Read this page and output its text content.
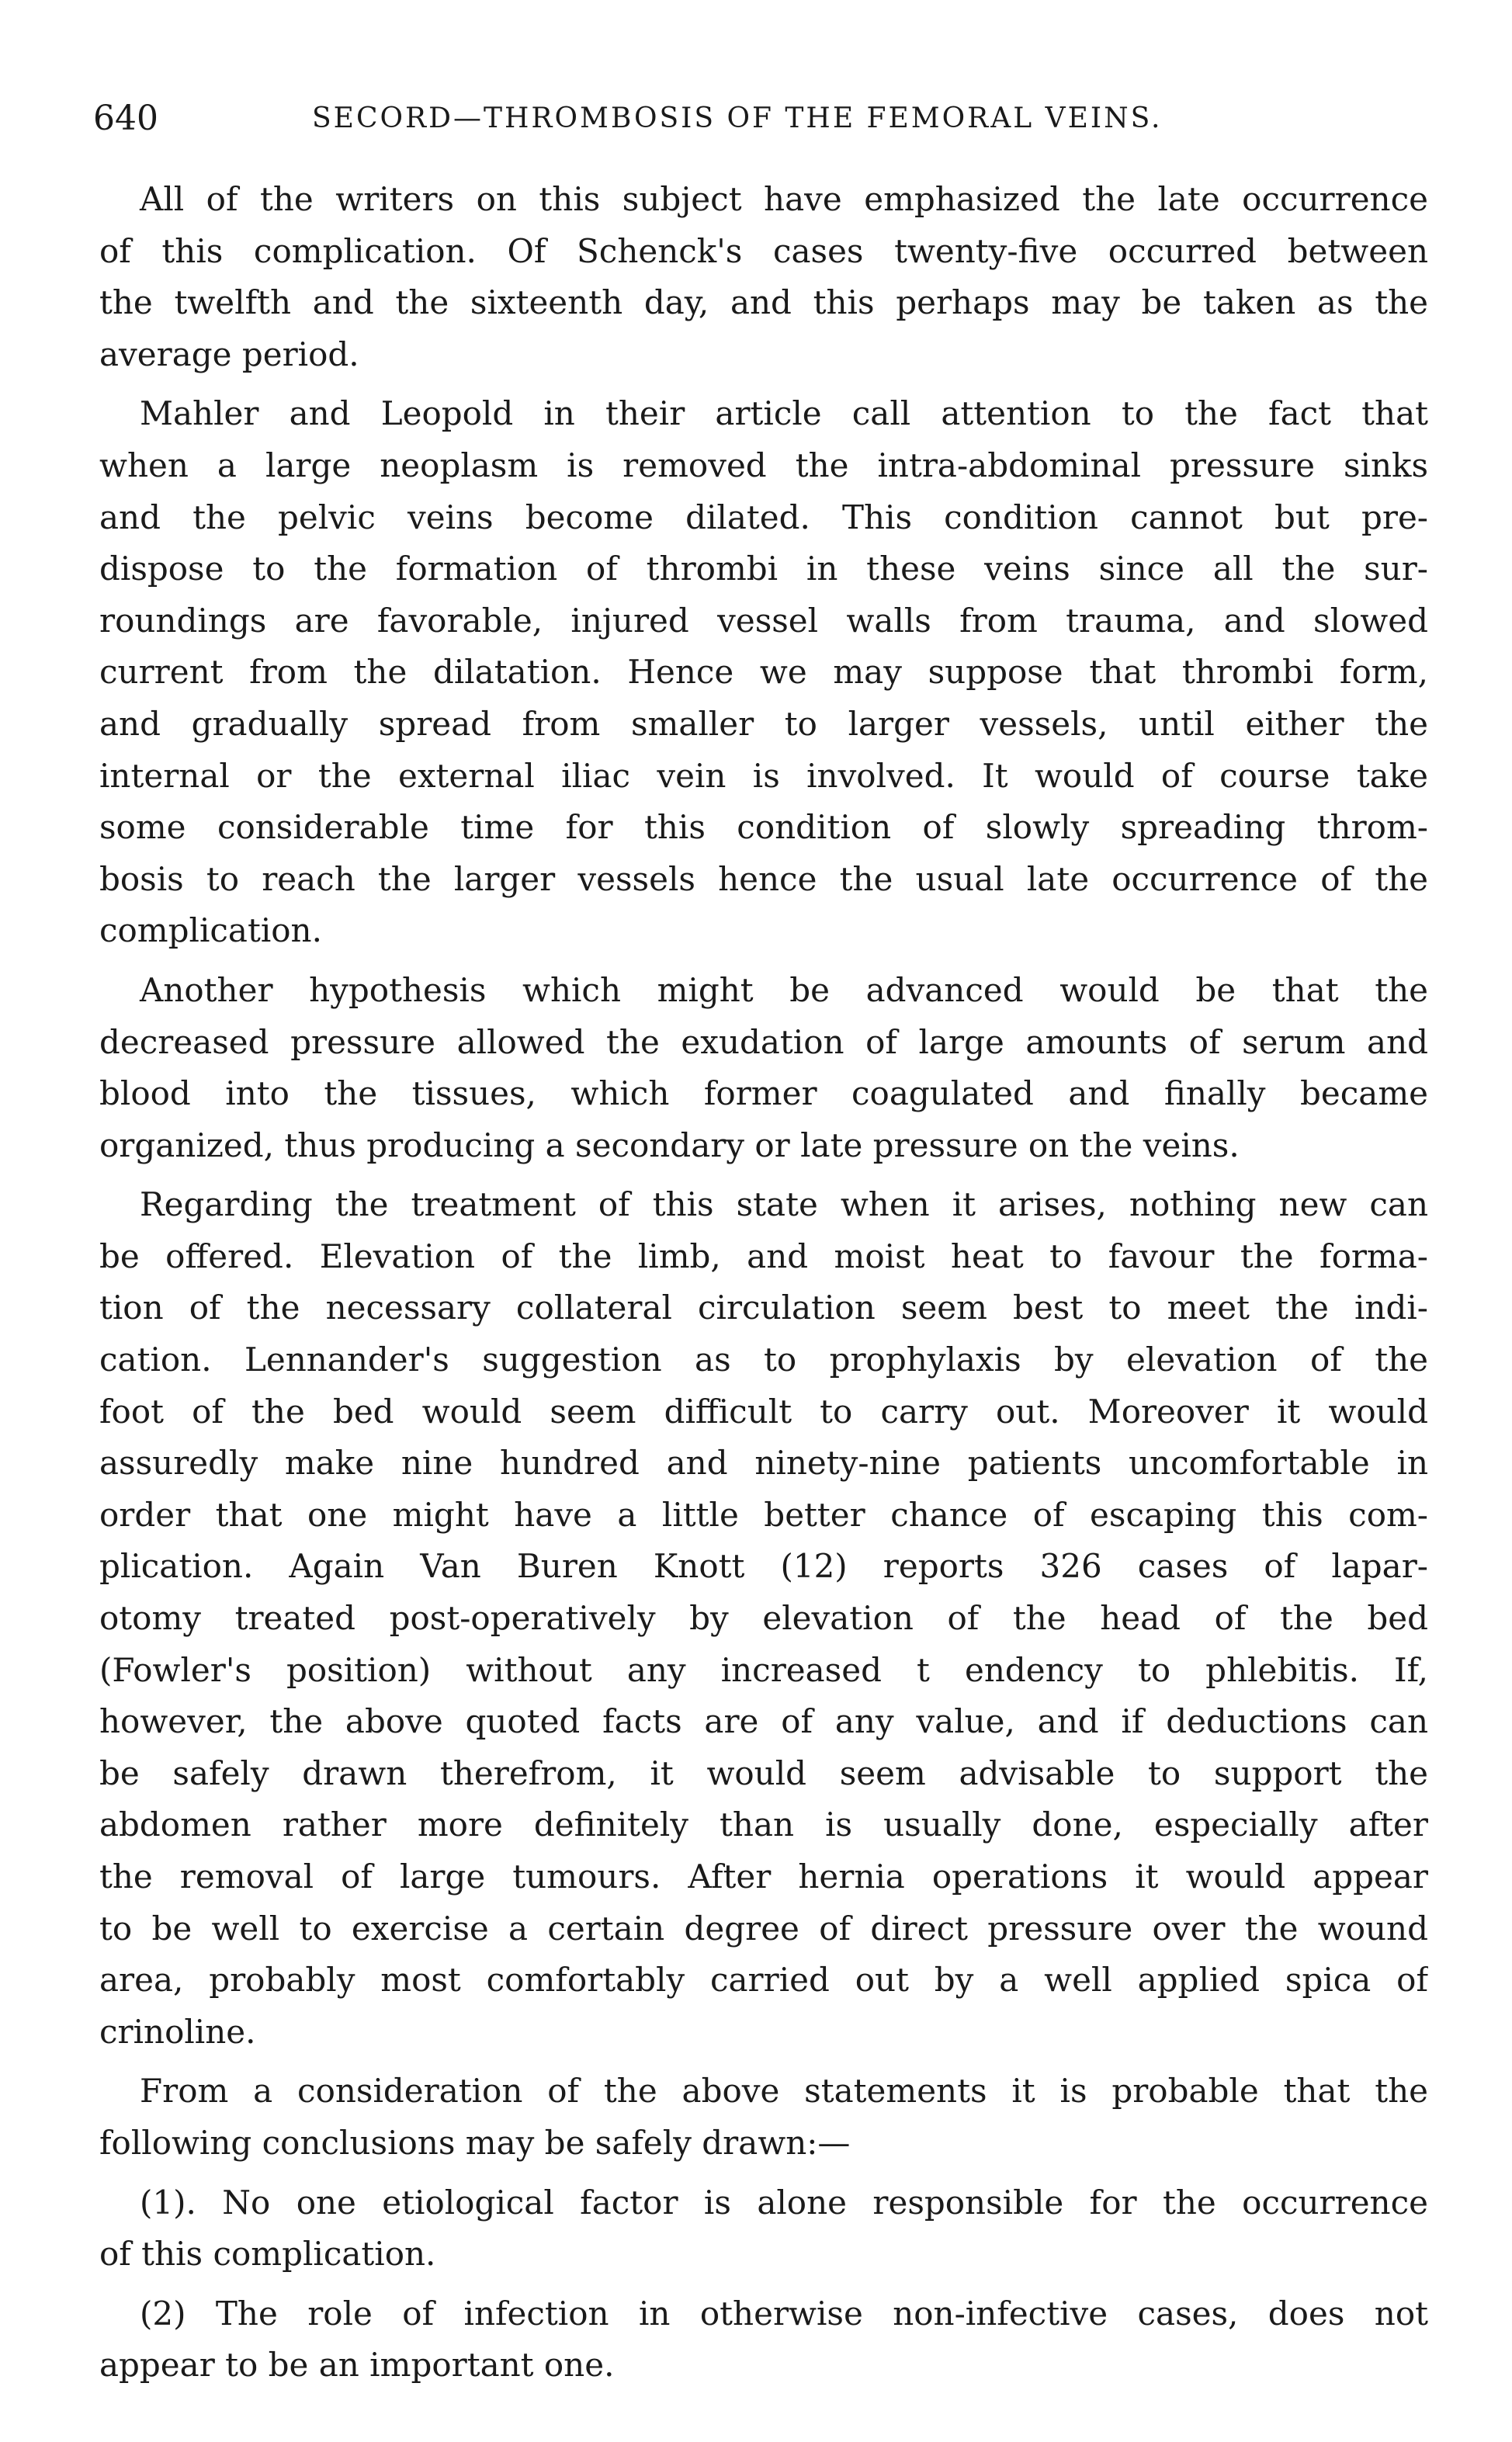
640	SECORD—THROMBOSIS OF THE FEMORAL VEINS.
All of the writers on this subject have emphasized the late occurrence
of this complication. Of Schenck's cases twenty-five occurred between
the twelfth and the sixteenth day, and this perhaps may be taken as the
average period.
Mahler and Leopold in their article call attention to the fact that
when a large neoplasm is removed the intra-abdominal pressure sinks
and the pelvic veins become dilated. This condition cannot but pre-
dispose to the formation of thrombi in these veins since all the sur-
roundings are favorable, injured vessel walls from trauma, and slowed
current from the dilatation. Hence we may suppose that thrombi form,
and gradually spread from smaller to larger vessels, until either the
internal or the external iliac vein is involved. It would of course take
some considerable time for this condition of slowly spreading throm-
bosis to reach the larger vessels hence the usual late occurrence of the
complication.
Another hypothesis which might be advanced would be that the
decreased pressure allowed the exudation of large amounts of serum and
blood into the tissues, which former coagulated and finally became
organized, thus producing a secondary or late pressure on the veins.
Regarding the treatment of this state when it arises, nothing new can
be offered. Elevation of the limb, and moist heat to favour the forma-
tion of the necessary collateral circulation seem best to meet the indi-
cation. Lennander's suggestion as to prophylaxis by elevation of the
foot of the bed would seem difficult to carry out. Moreover it would
assuredly make nine hundred and ninety-nine patients uncomfortable in
order that one might have a little better chance of escaping this com-
plication. Again Van Buren Knott (12) reports 326 cases of lapar-
otomy treated post-operatively by elevation of the head of the bed
(Fowler's position) without any increased t endency to phlebitis. If,
however, the above quoted facts are of any value, and if deductions can
be safely drawn therefrom, it would seem advisable to support the
abdomen rather more definitely than is usually done, especially after
the removal of large tumours. After hernia operations it would appear
to be well to exercise a certain degree of direct pressure over the wound
area, probably most comfortably carried out by a well applied spica of
crinoline.
From a consideration of the above statements it is probable that the
following conclusions may be safely drawn:—
(1). No one etiological factor is alone responsible for the occurrence
of this complication.
(2) The role of infection in otherwise non-infective cases, does not
appear to be an important one.
